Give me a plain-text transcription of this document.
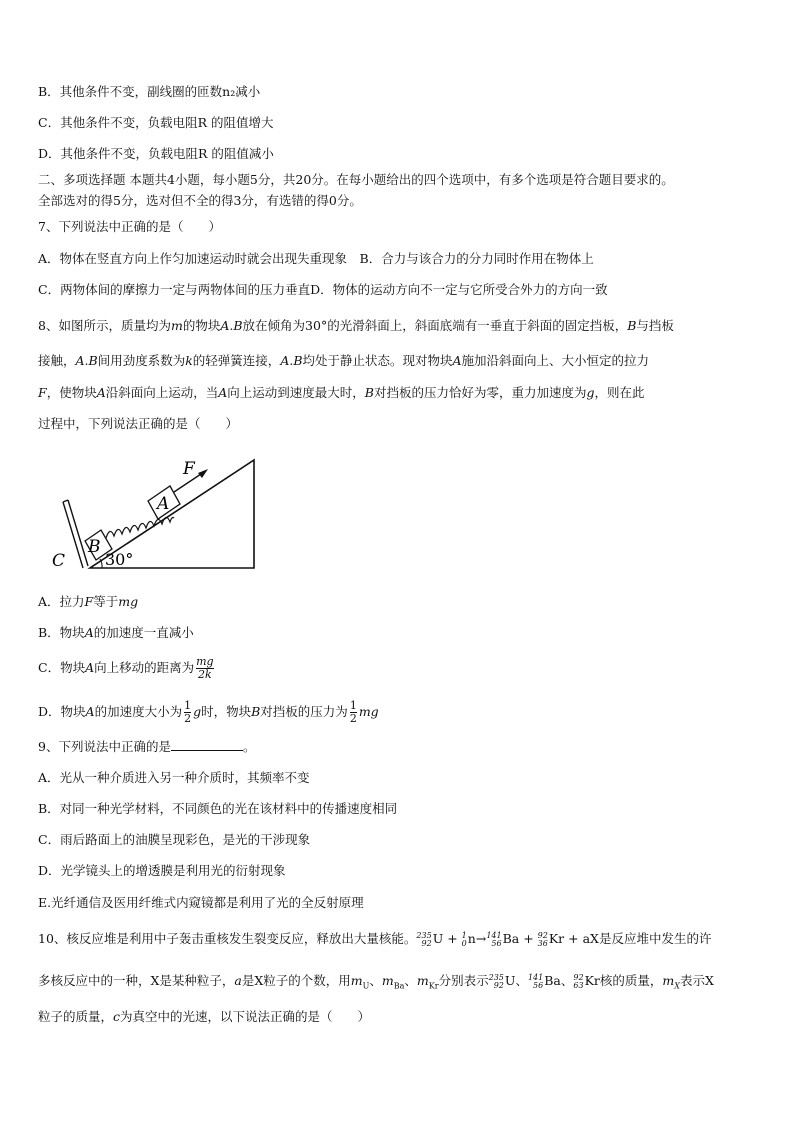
B．其他条件不变，副线圈的匝数n₂减小
C．其他条件不变，负载电阻R 的阻值增大
D．其他条件不变，负载电阻R 的阻值减小
二、多项选择题 本题共4小题，每小题5分，共20分。在每小题给出的四个选项中，有多个选项是符合题目要求的。
全部选对的得5分，选对但不全的得3分，有选错的得0分。
7、下列说法中正确的是（　　）
A．物体在竖直方向上作匀加速运动时就会出现失重现象　B．合力与该合力的分力同时作用在物体上
C．两物体间的摩擦力一定与两物体间的压力垂直D．物体的运动方向不一定与它所受合外力的方向一致
8、如图所示，质量均为m的物块A.B放在倾角为30°的光滑斜面上，斜面底端有一垂直于斜面的固定挡板，B与挡板
接触，A.B间用劲度系数为k的轻弹簧连接，A.B均处于静止状态。现对物块A施加沿斜面向上、大小恒定的拉力
F，使物块A沿斜面向上运动，当A向上运动到速度最大时，B对挡板的压力恰好为零，重力加速度为g，则在此
过程中，下列说法正确的是（　　）
B
A
F
C 30°
A．拉力F等于mg
B．物块A的加速度一直减小
C．物块A向上移动的距离为 $\frac{mg}{2k}$
D．物块A的加速度大小为 $\frac{1}{2}$ g时，物块B对挡板的压力为 $\frac{1}{2}$ mg
9、下列说法中正确的是	。
A．光从一种介质进入另一种介质时，其频率不变
B．对同一种光学材料，不同颜色的光在该材料中的传播速度相同
C．雨后路面上的油膜呈现彩色，是光的干涉现象
D．光学镜头上的增透膜是利用光的衍射现象
E.光纤通信及医用纤维式内窥镜都是利用了光的全反射原理
10、核反应堆是利用中子轰击重核发生裂变反应，释放出大量核能。 235
92 U + 1
0 n→ 141
56 Ba + 92
36 Kr + aX是反应堆中发生的许
多核反应中的一种，X是某种粒子，a是X粒子的个数，用$m_U$、$m_{Ba}$、$m_{Kr}$分别表示 235
92 U、 141
56 Ba、 92
63 Kr核的质量，$m_X$表示X
粒子的质量，c为真空中的光速，以下说法正确的是（　　）
